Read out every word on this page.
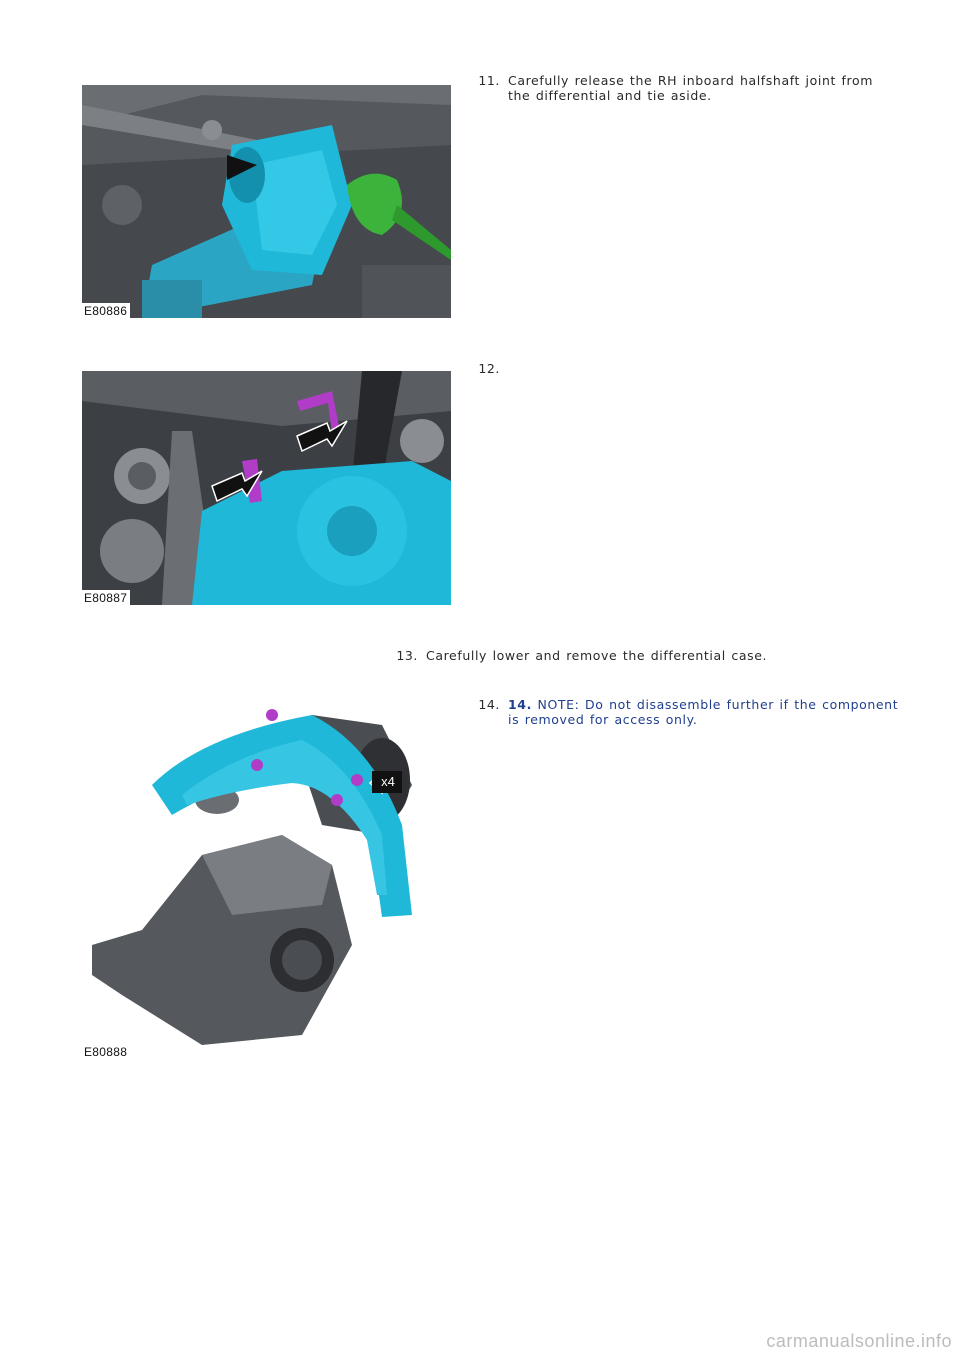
E80886
11. Carefully release the RH inboard halfshaft joint from
the differential and tie aside.
E80887
12.
13. Carefully lower and remove the differential case.
14. 14. NOTE: Do not disassemble further if the component
is removed for access only.
x4
E80888
carmanualsonline.info
